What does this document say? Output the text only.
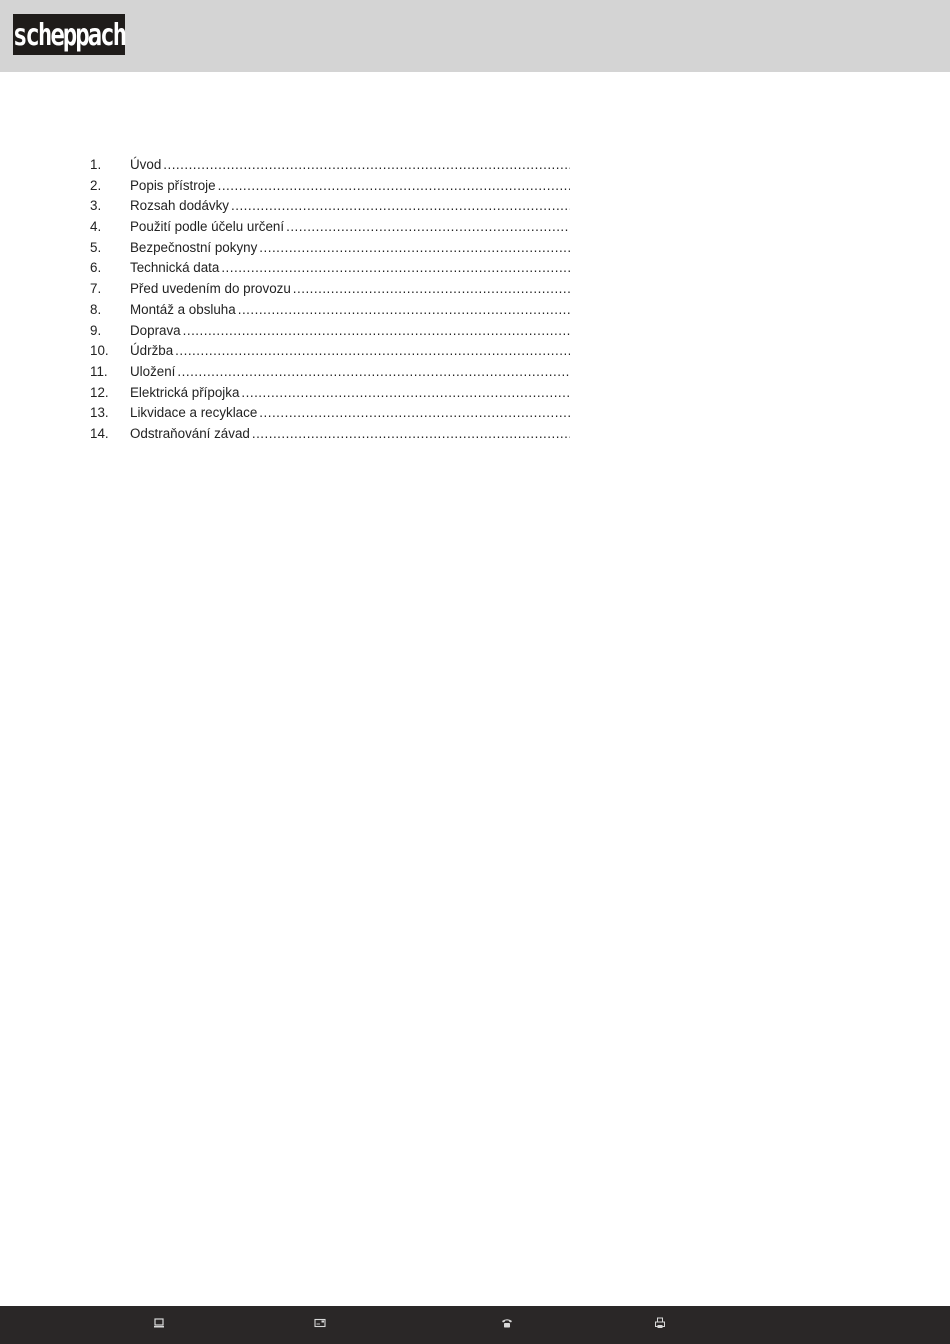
scheppach
1.	Úvod
.....
2.	Popis přístroje
.....
3.	Rozsah dodávky
.....
4.	Použití podle účelu určení
.....
5.	Bezpečnostní pokyny
.....
6.	Technická data
.....
7.	Před uvedením do provozu
.....
8.	Montáž a obsluha
.....
9.	Doprava
.....
10.	Údržba
.....
11.	Uložení
.....
12.	Elektrická přípojka
.....
13.	Likvidace a recyklace
.....
14.	Odstraňování závad
.....
